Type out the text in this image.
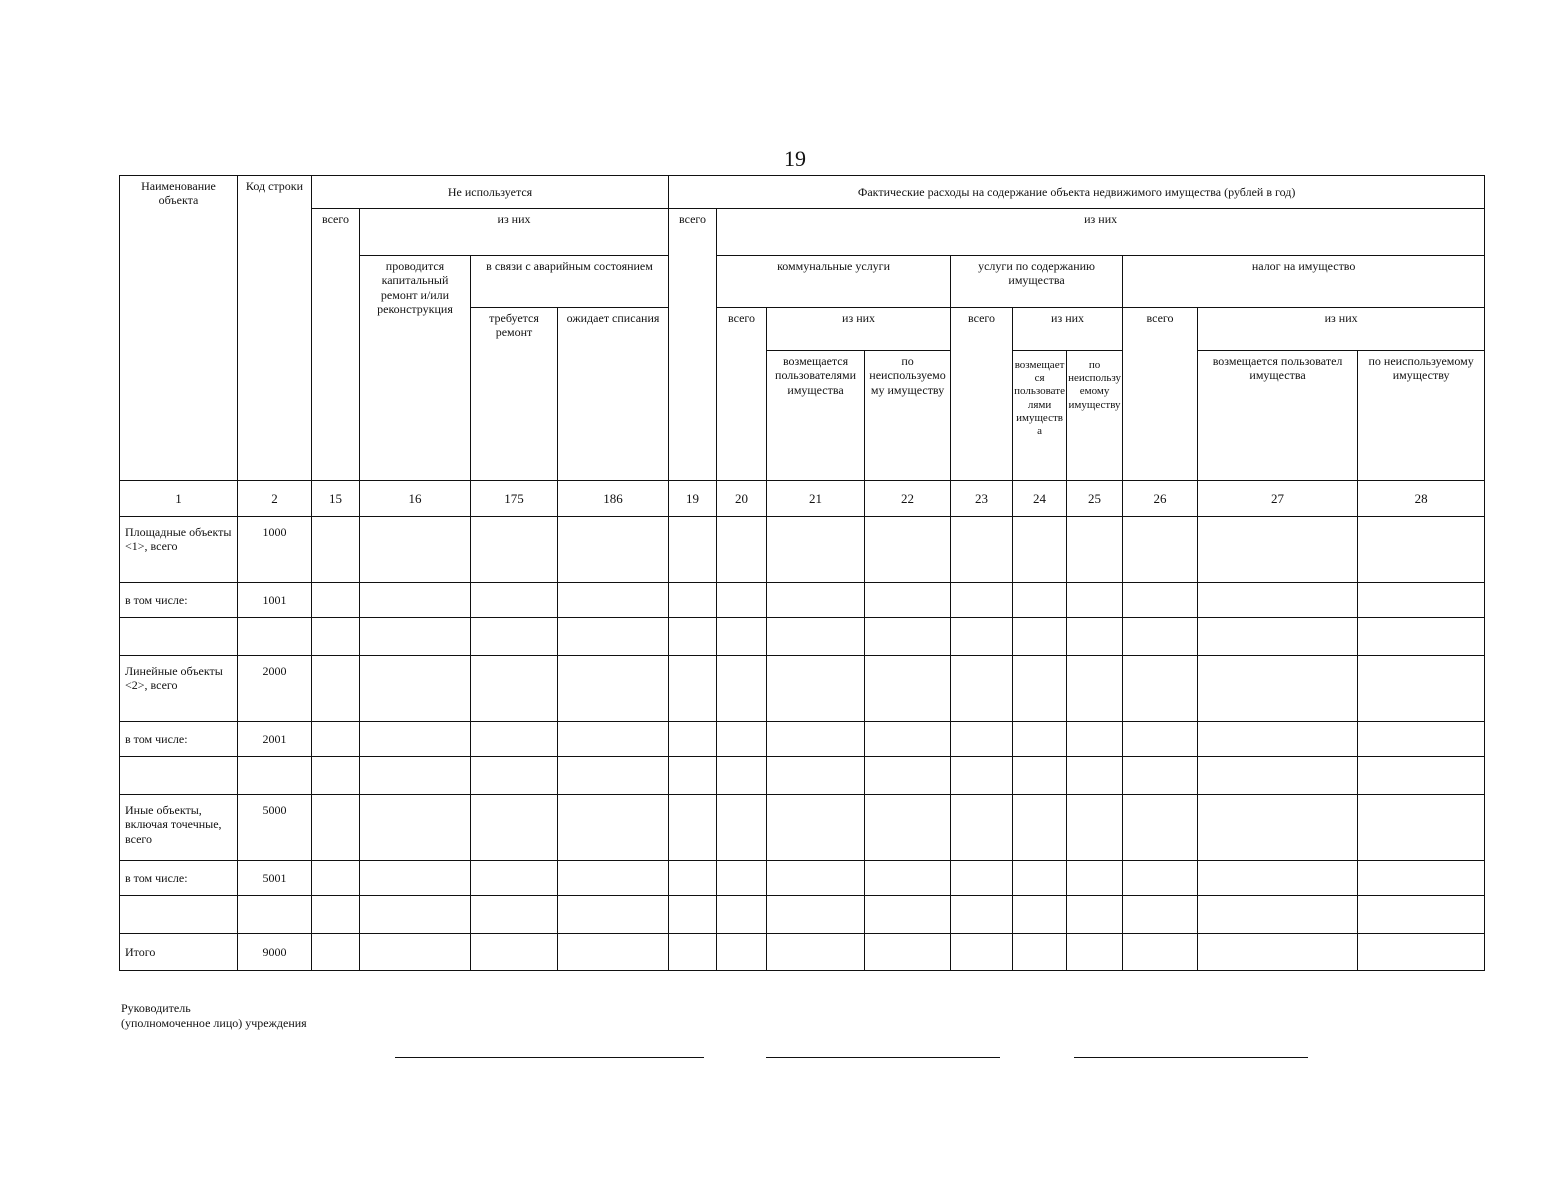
19
Наименование объекта	Код строки	Не используется				Фактические расходы на содержание объекта недвижимого имущества (рублей в год)									
		всего	из них			всего	из них								
			проводится капитальный ремонт и/или реконструкция	в связи с аварийным состоянием			коммунальные услуги			услуги по содержанию имущества			налог на имущество		
				требуется ремонт	ожидает списания		всего	из них		всего	из них		всего	из них	
								возмещается пользователями имущества	по неиспользуемому имуществу		возмещается пользователями имущества	по неиспользуемому имуществу		возмещается пользовател имущества	по неиспользуемому имуществу
1	2	15	16	175	186	19	20	21	22	23	24	25	26	27	28
Площадные объекты <1>, всего	1000														
в том числе:	1001														

Линейные объекты <2>, всего	2000														
в том числе:	2001														

Иные объекты, включая точечные, всего	5000														
в том числе:	5001														

Итого	9000														
Руководитель
(уполномоченное лицо) учреждения
